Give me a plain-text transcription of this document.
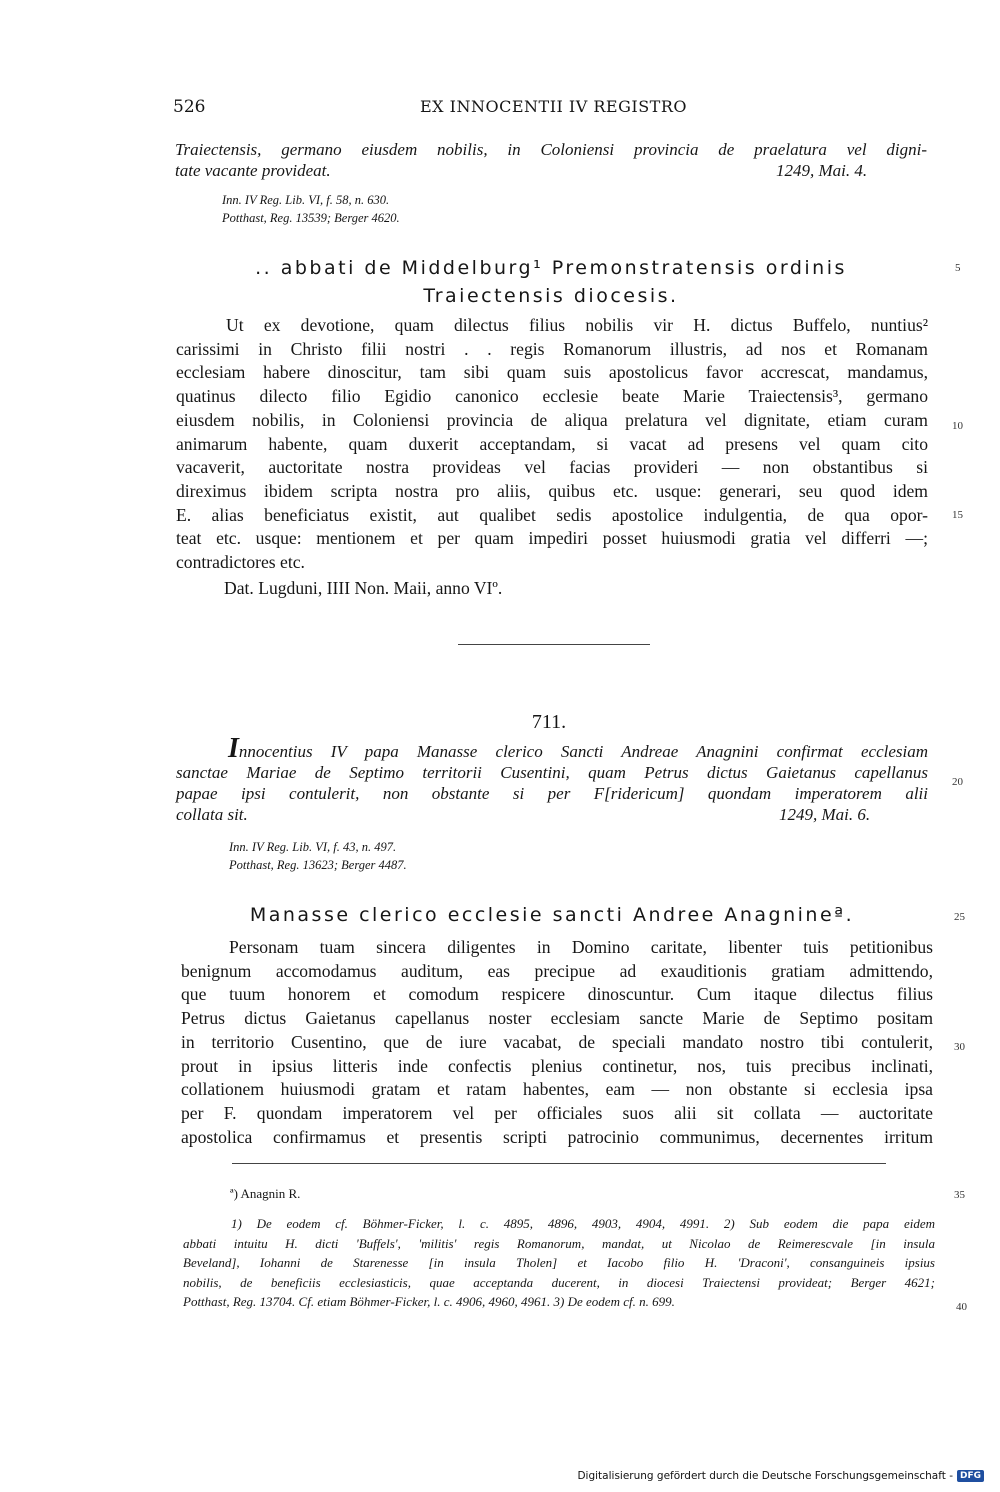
526	EX INNOCENTII IV REGISTRO
Traiectensis, germano eiusdem nobilis, in Coloniensi provincia de praelatura vel digni-
tate vacante provideat.	1249, Mai. 4.
Inn. IV Reg. Lib. VI, f. 58, n. 630.
Potthast, Reg. 13539; Berger 4620.
.. abbati de Middelburg¹ Premonstratensis ordinis
Traiectensis diocesis.
Ut ex devotione, quam dilectus filius nobilis vir H. dictus Buffelo, nuntius²
carissimi in Christo filii nostri . . regis Romanorum illustris, ad nos et Romanam
ecclesiam habere dinoscitur, tam sibi quam suis apostolicus favor accrescat, mandamus,
quatinus dilecto filio Egidio canonico ecclesie beate Marie Traiectensis³, germano
eiusdem nobilis, in Coloniensi provincia de aliqua prelatura vel dignitate, etiam curam
animarum habente, quam duxerit acceptandam, si vacat ad presens vel quam cito
vacaverit, auctoritate nostra provideas vel facias provideri — non obstantibus si
direximus ibidem scripta nostra pro aliis, quibus etc. usque: generari, seu quod idem
E. alias beneficiatus existit, aut qualibet sedis apostolice indulgentia, de qua opor-
teat etc. usque: mentionem et per quam impediri posset huiusmodi gratia vel differri —;
contradictores etc.
Dat. Lugduni, IIII Non. Maii, anno VIº.
711.
Innocentius IV papa Manasse clerico Sancti Andreae Anagnini confirmat ecclesiam
sanctae Mariae de Septimo territorii Cusentini, quam Petrus dictus Gaietanus capellanus
papae ipsi contulerit, non obstante si per F[ridericum] quondam imperatorem alii
collata sit.	1249, Mai. 6.
Inn. IV Reg. Lib. VI, f. 43, n. 497.
Potthast, Reg. 13623; Berger 4487.
Manasse clerico ecclesie sancti Andree Anagnineª.
Personam tuam sincera diligentes in Domino caritate, libenter tuis petitionibus
benignum accomodamus auditum, eas precipue ad exauditionis gratiam admittendo,
que tuum honorem et comodum respicere dinoscuntur. Cum itaque dilectus filius
Petrus dictus Gaietanus capellanus noster ecclesiam sancte Marie de Septimo positam
in territorio Cusentino, que de iure vacabat, de speciali mandato nostro tibi contulerit,
prout in ipsius litteris inde confectis plenius continetur, nos, tuis precibus inclinati,
collationem huiusmodi gratam et ratam habentes, eam — non obstante si ecclesia ipsa
per F. quondam imperatorem vel per officiales suos alii sit collata — auctoritate
apostolica confirmamus et presentis scripti patrocinio communimus, decernentes irritum
ª) Anagnin R.
1) De eodem cf. Böhmer-Ficker, l. c. 4895, 4896, 4903, 4904, 4991. 2) Sub eodem die papa eidem
abbati intuitu H. dicti 'Buffels', 'militis' regis Romanorum, mandat, ut Nicolao de Reimerescvale [in insula
Beveland], Iohanni de Starenesse [in insula Tholen] et Iacobo filio H. 'Draconi', consanguineis ipsius
nobilis, de beneficiis ecclesiasticis, quae acceptanda ducerent, in diocesi Traiectensi provideat; Berger 4621;
Potthast, Reg. 13704. Cf. etiam Böhmer-Ficker, l. c. 4906, 4960, 4961. 3) De eodem cf. n. 699.
5
10
15
20
25
30
35
40
Digitalisierung gefördert durch die Deutsche Forschungsgemeinschaft - DFG
